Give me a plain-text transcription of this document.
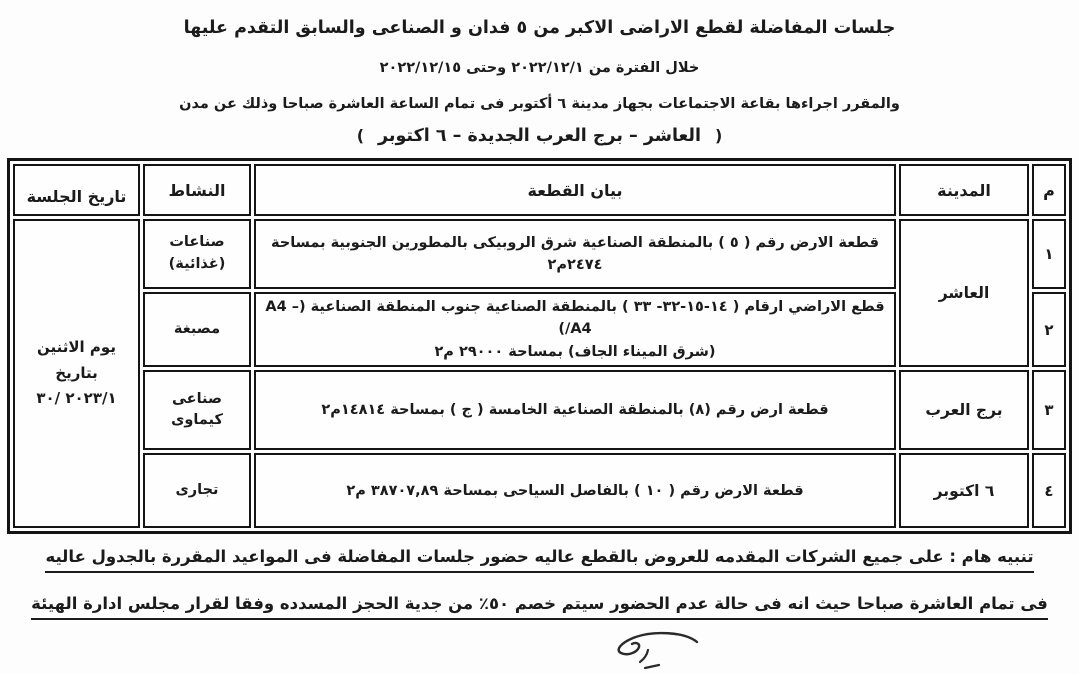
جلسات المفاضلة لقطع الاراضى الاكبر من ٥ فدان و الصناعى والسابق التقدم عليها
خلال الفترة من ٢٠٢٢/١٢/١ وحتى ٢٠٢٢/١٢/١٥
والمقرر اجراءها بقاعة الاجتماعات بجهاز مدينة ٦ أكتوبر فى تمام الساعة العاشرة صباحا وذلك عن مدن
(العاشر – برج العرب الجديدة – ٦ اكتوبر)
م	المدينة	بيان القطعة	النشاط	تاريخ الجلسة
١	العاشر	قطعة الارض رقم ( ٥ ) بالمنطقة الصناعية شرق الروبيكى بالمطورين الجنوبية بمساحة ٢٤٧٤م٢	صناعات (غذائية)	يوم الاثنين
بتاريخ
٢٠٢٣/١ /٣٠

٢		قطع الاراضي ارقام ( ١٤-١٥-٣٢- ٣٣ ) بالمنطقة الصناعية جنوب المنطقة الصناعية (A4 – A4/)
(شرق الميناء الجاف) بمساحة ٢٩٠٠٠ م٢	مصبغة	
٣	برج العرب	قطعة ارض رقم (٨) بالمنطقة الصناعية الخامسة ( ج ) بمساحة ١٤٨١٤م٢	صناعى كيماوى	
٤	٦ اكتوبر	قطعة الارض رقم ( ١٠ ) بالفاصل السياحى بمساحة ٣٨٧٠٧,٨٩ م٢	تجارى	
تنبيه هام : على جميع الشركات المقدمه للعروض بالقطع عاليه حضور جلسات المفاضلة فى المواعيد المقررة بالجدول عاليه
فى تمام العاشرة صباحا حيث انه فى حالة عدم الحضور سيتم خصم ٥٠٪ من جدية الحجز المسدده وفقا لقرار مجلس ادارة الهيئة
